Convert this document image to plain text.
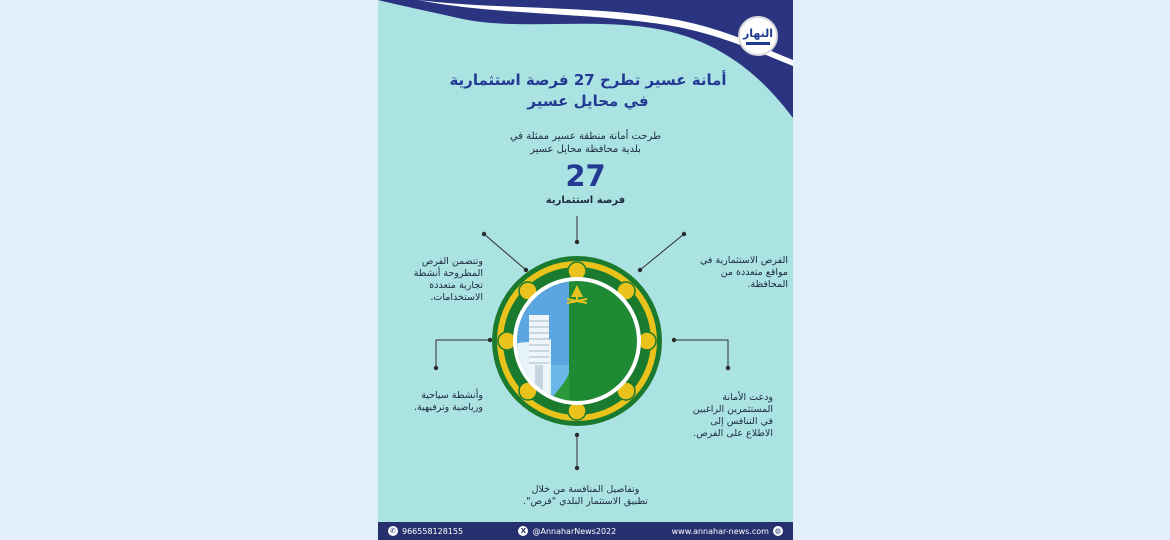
النهار
أمانة عسير تطرح 27 فرصة استثمارية
في محايل عسير
طرحت أمانة منطقة عسير ممثلة في
بلدية محافظة محايل عسير
27
فرصة استثمارية
وتتضمن الفرص المطروحة أنشطة تجارية متعددة الاستخدامات.
الفرص الاستثمارية في مواقع متعددة من المحافظة.
وأنشطة سياحية ورياضية وترفيهية.
ودعت الأمانة المستثمرين الراغبين في التنافس إلى الاطلاع على الفرص.
وتفاصيل المنافسة من خلال تطبيق الاستثمار البلدي "فرص".
✆ 966558128155	X @AnnaharNews2022	www.annahar-news.com ◍
